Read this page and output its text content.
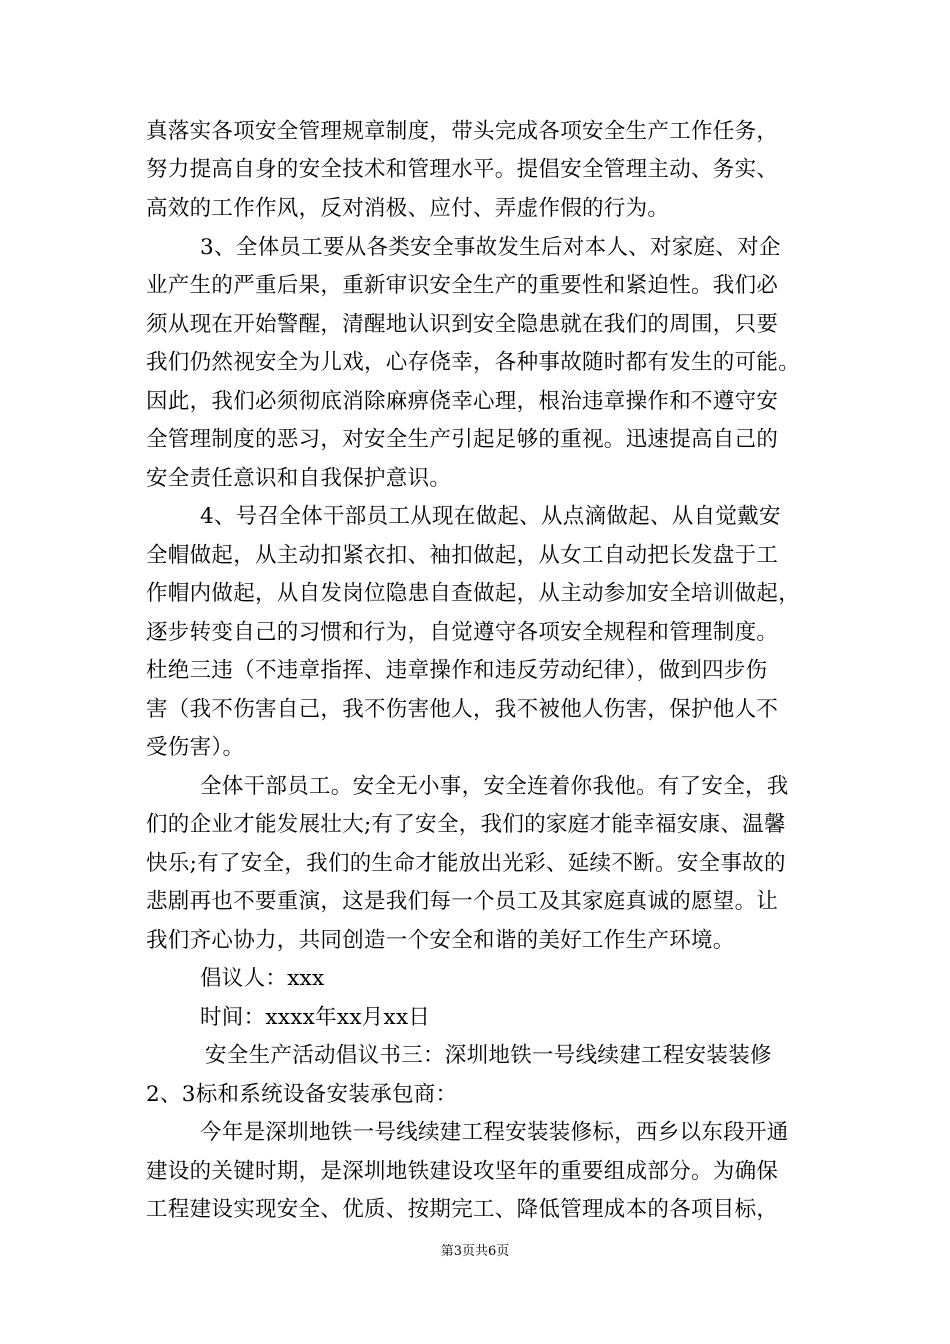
真落实各项安全管理规章制度，带头完成各项安全生产工作任务，
努力提高自身的安全技术和管理水平。提倡安全管理主动、务实、
高效的工作作风，反对消极、应付、弄虚作假的行为。
3、全体员工要从各类安全事故发生后对本人、对家庭、对企
业产生的严重后果，重新审识安全生产的重要性和紧迫性。我们必
须从现在开始警醒，清醒地认识到安全隐患就在我们的周围，只要
我们仍然视安全为儿戏，心存侥幸，各种事故随时都有发生的可能。
因此，我们必须彻底消除麻痹侥幸心理，根治违章操作和不遵守安
全管理制度的恶习，对安全生产引起足够的重视。迅速提高自己的
安全责任意识和自我保护意识。
4、号召全体干部员工从现在做起、从点滴做起、从自觉戴安
全帽做起，从主动扣紧衣扣、袖扣做起，从女工自动把长发盘于工
作帽内做起，从自发岗位隐患自查做起，从主动参加安全培训做起，
逐步转变自己的习惯和行为，自觉遵守各项安全规程和管理制度。
杜绝三违（不违章指挥、违章操作和违反劳动纪律），做到四步伤
害（我不伤害自己，我不伤害他人，我不被他人伤害，保护他人不
受伤害）。
全体干部员工。安全无小事，安全连着你我他。有了安全，我
们的企业才能发展壮大;有了安全，我们的家庭才能幸福安康、温馨
快乐;有了安全，我们的生命才能放出光彩、延续不断。安全事故的
悲剧再也不要重演，这是我们每一个员工及其家庭真诚的愿望。让
我们齐心协力，共同创造一个安全和谐的美好工作生产环境。
倡议人：xxx
时间：xxxx年xx月xx日
安全生产活动倡议书三：深圳地铁一号线续建工程安装装修
2、3标和系统设备安装承包商：
今年是深圳地铁一号线续建工程安装装修标，西乡以东段开通
建设的关键时期，是深圳地铁建设攻坚年的重要组成部分。为确保
工程建设实现安全、优质、按期完工、降低管理成本的各项目标，
第3页共6页
